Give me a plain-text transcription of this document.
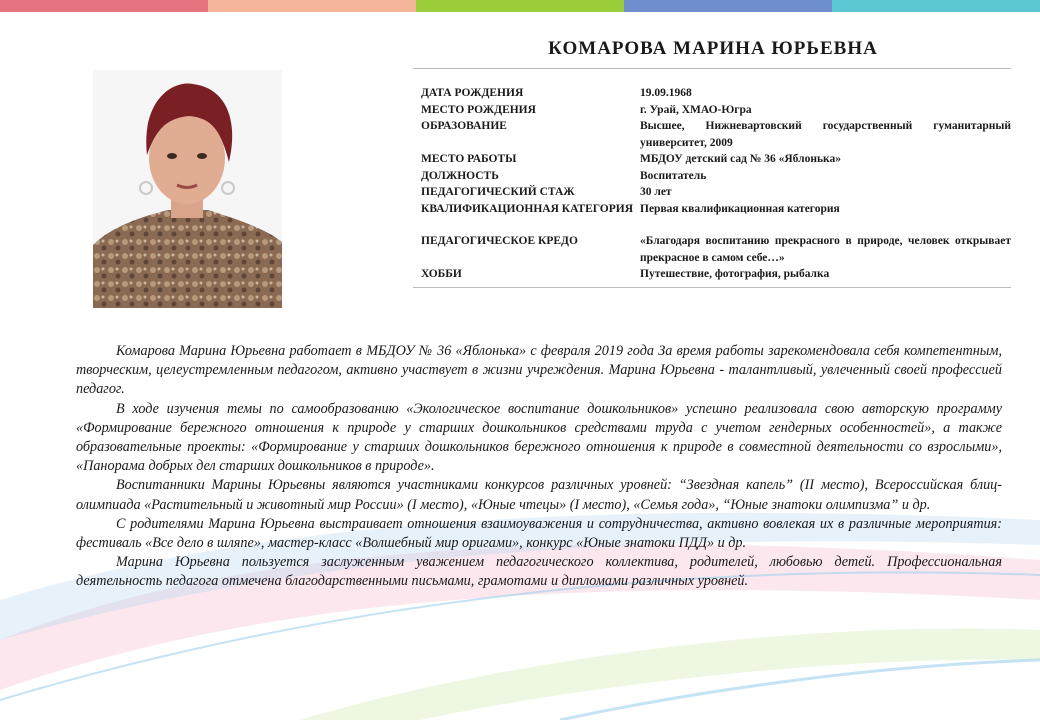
КОМАРОВА МАРИНА ЮРЬЕВНА
ДАТА РОЖДЕНИЯ	19.09.1968
МЕСТО РОЖДЕНИЯ	г. Урай, ХМАО-Югра
ОБРАЗОВАНИЕ	Высшее, Нижневартовский государственный гуманитарный университет, 2009
МЕСТО РАБОТЫ	МБДОУ детский сад № 36 «Яблонька»
ДОЛЖНОСТЬ	Воспитатель
ПЕДАГОГИЧЕСКИЙ СТАЖ	30 лет
КВАЛИФИКАЦИОННАЯ КАТЕГОРИЯ Первая квалификационная категория
ПЕДАГОГИЧЕСКОЕ КРЕДО	«Благодаря воспитанию прекрасного в природе, человек открывает прекрасное в самом себе…»
ХОББИ	Путешествие, фотография, рыбалка

Комарова Марина Юрьевна работает в МБДОУ № 36 «Яблонька» с февраля 2019 года За время работы зарекомендовала себя компетентным, творческим, целеустремленным педагогом, активно участвует в жизни учреждения. Марина Юрьевна - талантливый, увлеченный своей профессией педагог.

В ходе изучения темы по самообразованию «Экологическое воспитание дошкольников» успешно реализовала свою авторскую программу «Формирование бережного отношения к природе у старших дошкольников средствами труда с учетом гендерных особенностей», а также образовательные проекты: «Формирование у старших дошкольников бережного отношения к природе в совместной деятельности со взрослыми», «Панорама добрых дел старших дошкольников в природе».

Воспитанники Марины Юрьевны являются участниками конкурсов различных уровней: “Звездная капель” (II место), Всероссийская блиц-олимпиада «Растительный и животный мир России» (I место), «Юные чтецы» (I место), «Семья года», “Юные знатоки олимпизма” и др.

С родителями Марина Юрьевна выстраивает отношения взаимоуважения и сотрудничества, активно вовлекая их в различные мероприятия: фестиваль «Все дело в шляпе», мастер-класс «Волшебный мир оригами», конкурс «Юные знатоки ПДД» и др.

Марина Юрьевна пользуется заслуженным уважением педагогического коллектива, родителей, любовью детей. Профессиональная деятельность педагога отмечена благодарственными письмами, грамотами и дипломами различных уровней.
